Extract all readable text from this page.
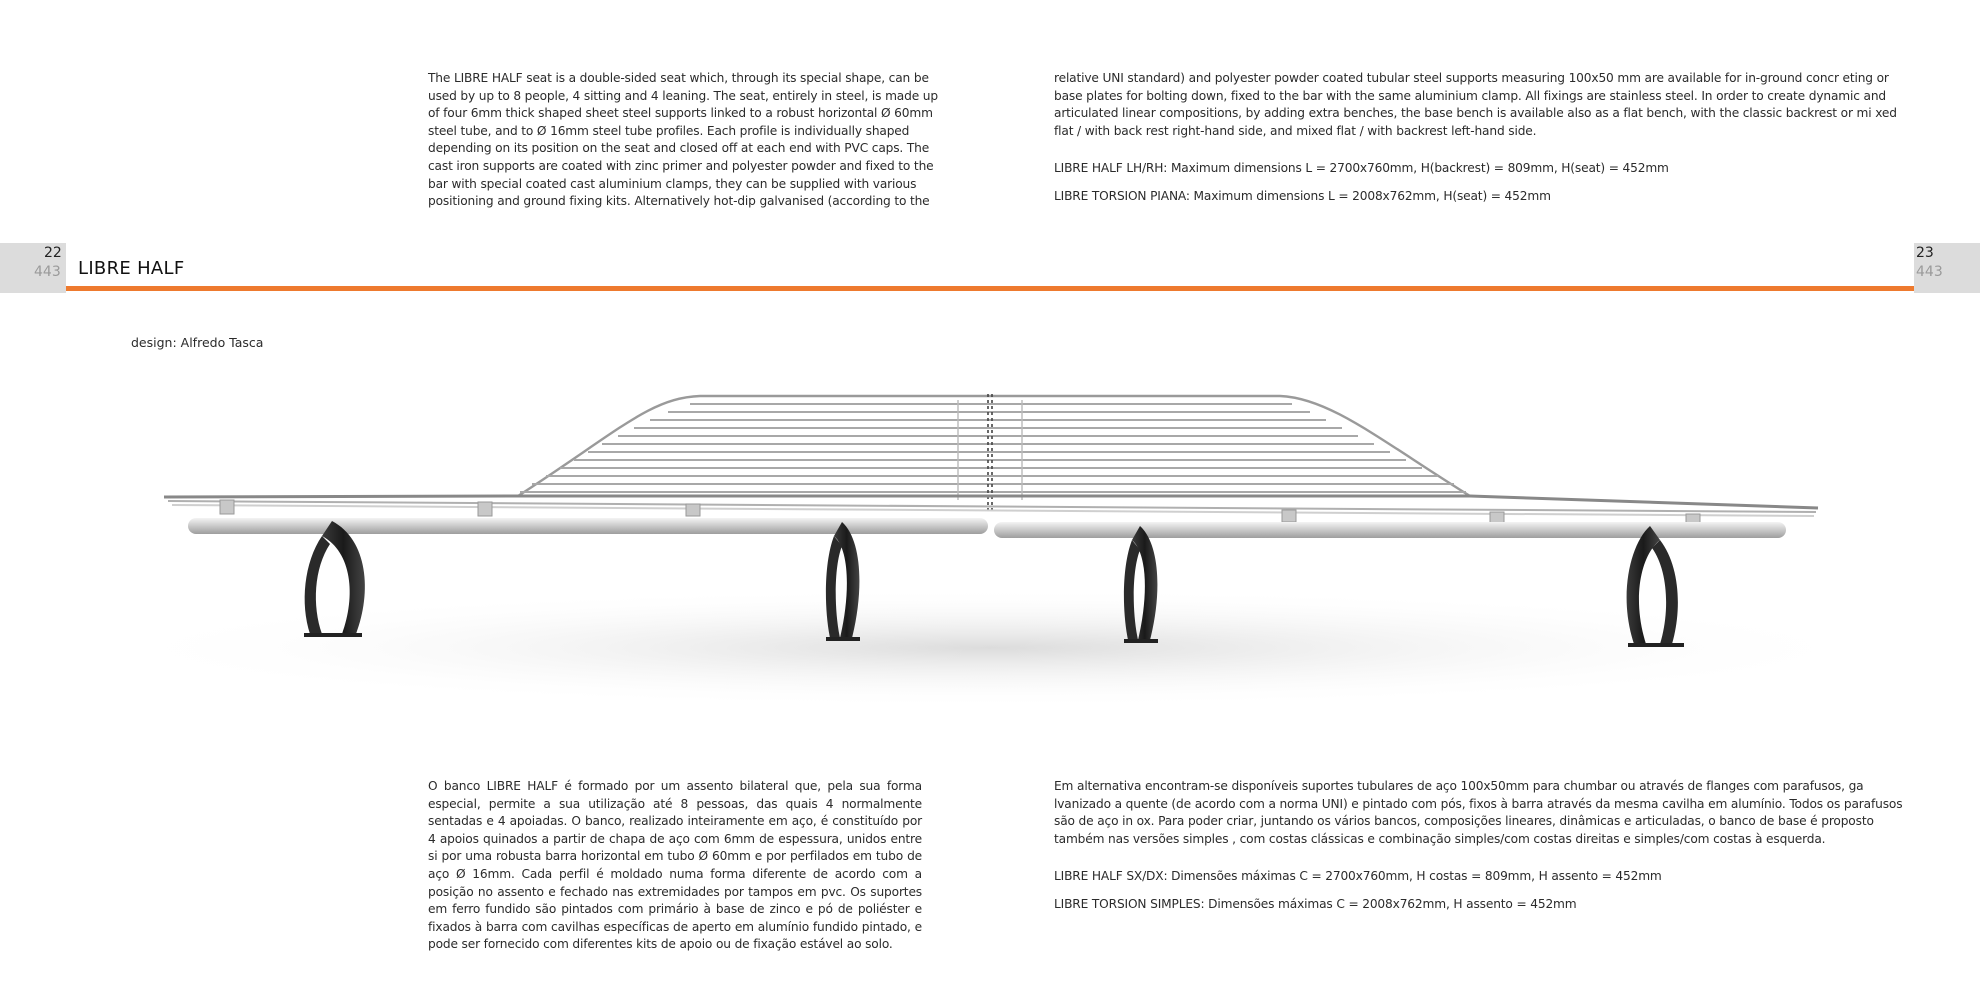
The LIBRE HALF seat is a double-sided seat which, through its special shape, can be used by up to 8 people, 4 sitting and 4 leaning. The seat, entirely in steel, is made up of four 6mm thick shaped sheet steel supports linked to a robust horizontal Ø 60mm steel tube, and to Ø 16mm steel tube profiles. Each profile is individually shaped depending on its position on the seat and closed off at each end with PVC caps. The cast iron supports are coated with zinc primer and polyester powder and fixed to the bar with special coated cast aluminium clamps, they can be supplied with various positioning and ground fixing kits. Alternatively hot-dip galvanised (according to the

relative UNI standard) and polyester powder coated tubular steel supports measuring 100x50 mm are available for in-ground concr eting or base plates for bolting down, fixed to the bar with the same aluminium clamp. All fixings are stainless steel. In order to create dynamic and articulated linear compositions, by adding extra benches, the base bench is available also as a flat bench, with the classic backrest or mi xed flat / with back rest right-hand side, and mixed flat / with backrest left-hand side.

LIBRE HALF LH/RH: Maximum dimensions L = 2700x760mm, H(backrest) = 809mm, H(seat) = 452mm

LIBRE TORSION PIANA: Maximum dimensions L = 2008x762mm, H(seat) = 452mm

22
443
23
443
LIBRE HALF
design: Alfredo Tasca

O banco LIBRE HALF é formado por um assento bilateral que, pela sua forma especial, permite a sua utilização até 8 pessoas, das quais 4 normalmente sentadas e 4 apoiadas. O banco, realizado inteiramente em aço, é constituído por 4 apoios quinados a partir de chapa de aço com 6mm de espessura, unidos entre si por uma robusta barra horizontal em tubo Ø 60mm e por perfilados em tubo de aço Ø 16mm. Cada perfil é moldado numa forma diferente de acordo com a posição no assento e fechado nas extremidades por tampos em pvc. Os suportes em ferro fundido são pintados com primário à base de zinco e pó de poliéster e fixados à barra com cavilhas específicas de aperto em alumínio fundido pintado, e pode ser fornecido com diferentes kits de apoio ou de fixação estável ao solo.

Em alternativa encontram-se disponíveis suportes tubulares de aço 100x50mm para chumbar ou através de flanges com parafusos, ga lvanizado a quente (de acordo com a norma UNI) e pintado com pós, fixos à barra através da mesma cavilha em alumínio. Todos os parafusos são de aço in ox. Para poder criar, juntando os vários bancos, composições lineares, dinâmicas e articuladas, o banco de base é proposto também nas versões simples , com costas clássicas e combinação simples/com costas direitas e simples/com costas à esquerda.

LIBRE HALF SX/DX: Dimensões máximas C = 2700x760mm, H costas = 809mm, H assento = 452mm

LIBRE TORSION SIMPLES: Dimensões máximas C = 2008x762mm, H assento = 452mm
